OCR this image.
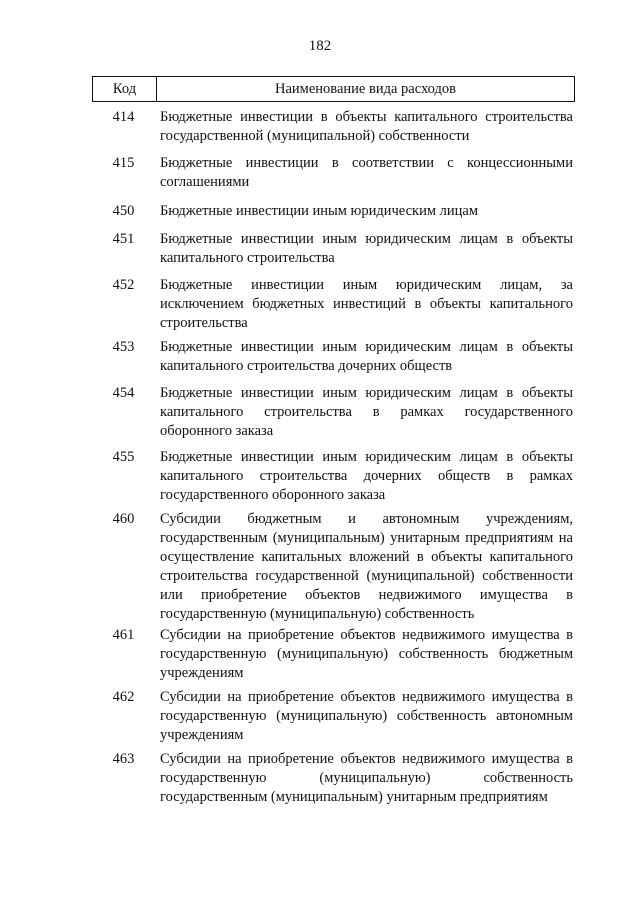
182
Код	Наименование вида расходов
414	Бюджетные инвестиции в объекты капитального строительства государственной (муниципальной) собственности
415	Бюджетные инвестиции в соответствии с концессионными соглашениями
450	Бюджетные инвестиции иным юридическим лицам
451	Бюджетные инвестиции иным юридическим лицам в объекты капитального строительства
452	Бюджетные инвестиции иным юридическим лицам, за исключением бюджетных инвестиций в объекты капитального строительства
453	Бюджетные инвестиции иным юридическим лицам в объекты капитального строительства дочерних обществ
454	Бюджетные инвестиции иным юридическим лицам в объекты капитального строительства в рамках государственного оборонного заказа
455	Бюджетные инвестиции иным юридическим лицам в объекты капитального строительства дочерних обществ в рамках государственного оборонного заказа
460	Субсидии бюджетным и автономным учреждениям, государственным (муниципальным) унитарным предприятиям на осуществление капитальных вложений в объекты капитального строительства государственной (муниципальной) собственности или приобретение объектов недвижимого имущества в государственную (муниципальную) собственность
461	Субсидии на приобретение объектов недвижимого имущества в государственную (муниципальную) собственность бюджетным учреждениям
462	Субсидии на приобретение объектов недвижимого имущества в государственную (муниципальную) собственность автономным учреждениям
463	Субсидии на приобретение объектов недвижимого имущества в государственную (муниципальную) собственность государственным (муниципальным) унитарным предприятиям
